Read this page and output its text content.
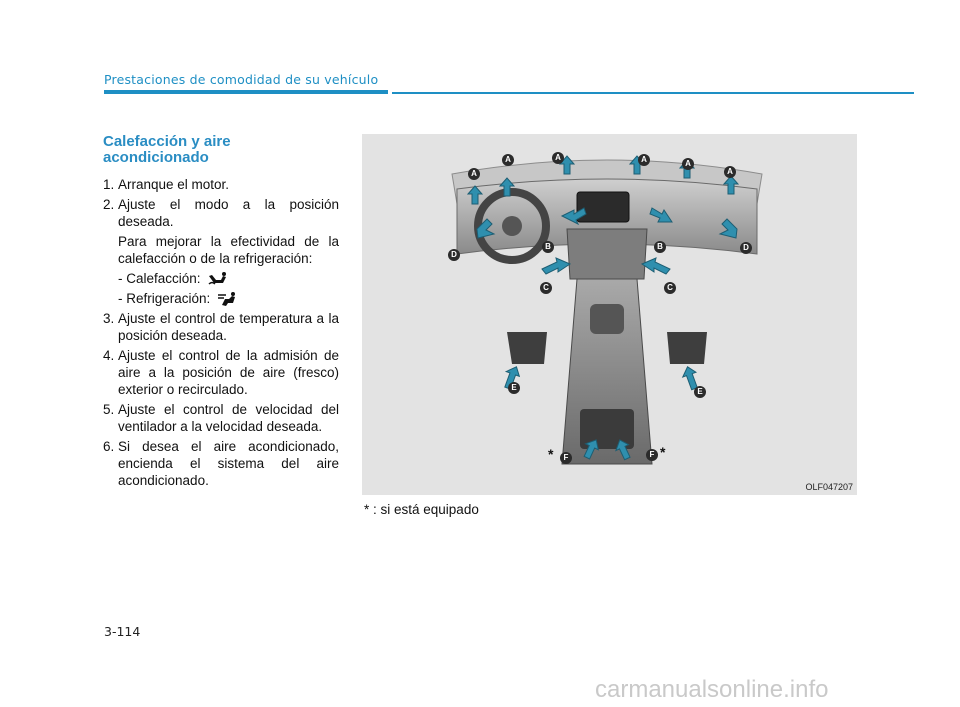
Prestaciones de comodidad de su vehículo
Calefacción y aire
acondicionado
1. Arranque el motor.
2. Ajuste el modo a la posición deseada.
Para mejorar la efectividad de la calefacción o de la refrigeración:
- Calefacción:
- Refrigeración:
3. Ajuste el control de temperatura a la posición deseada.
4. Ajuste el control de la admisión de aire a la posición de aire (fresco) exterior o recirculado.
5. Ajuste el control de velocidad del ventilador a la velocidad deseada.
6. Si desea el aire acondicionado, encienda el sistema del aire acondicionado.
A
A	A	A	A
A
B	B
C	C
D
D
E	E
F	F
*	*
OLF047207
* : si está equipado
3-114
carmanualsonline.info
